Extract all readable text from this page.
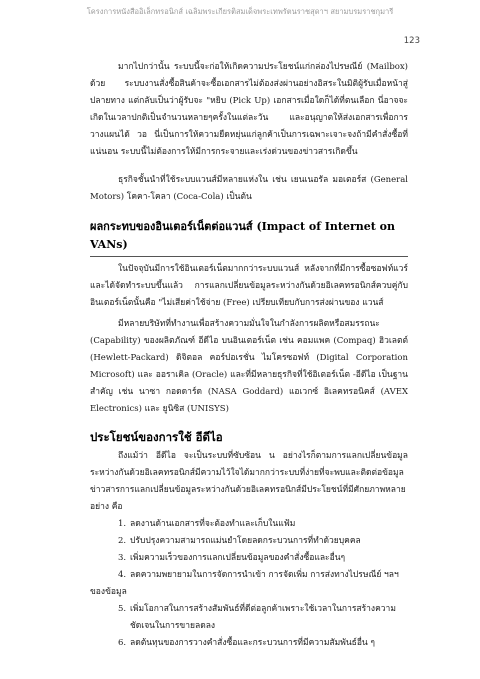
โครงการหนังสืออิเล็กทรอนิกส์ เฉลิมพระเกียรติสมเด็จพระเทพรัตนราชสุดาฯ สยามบรมราชกุมารี
123

มากไปกว่านั้น ระบบนี้จะก่อให้เกิดความประโยชน์แก่กล่องไปรษณีย์ (Mailbox) ด้วย ระบบงานสั่งซื้อสินค้าจะซื้อเอกสารไม่ต้องส่งผ่านอย่างอิสระในมิติผู้รับเมื่อหน้าสู่ปลายทาง แต่กลับเป็นว่าผู้รับจะ "หยิบ (Pick Up) เอกสารเมื่อใดก็ได้ที่ตนเลือก นี่อาจจะเกิดในเวลาปกติเป็นจำนวนหลายๆครั้งในแต่ละวัน และอนุญาตให้ส่งเอกสารเพื่อการวางแผนได้ วอ นี่เป็นการให้ความยืดหยุ่นแก่ลูกค้าเป็นการเฉพาะเจาะจงถ้ามีคำสั่งซื้อที่แน่นอน ระบบนี้ไม่ต้องการให้มีการกระจายและเร่งด่วนของข่าวสารเกิดขึ้น

ธุรกิจชั้นนำที่ใช้ระบบแวนส์มีหลายแห่งใน เช่น เยนเนอรัล มอเตอร์ส (General Motors) โคคา-โคลา (Coca-Cola) เป็นต้น

ผลกระทบของอินเตอร์เน็ตต่อแวนส์ (Impact of Internet on VANs)

ในปัจจุบันมีการใช้อินเตอร์เน็ตมากกว่าระบบแวนส์ หลังจากที่มีการซื้อซอฟท์แวร์และได้จัดทำระบบขึ้นแล้ว การแลกเปลี่ยนข้อมูลระหว่างกันด้วยอิเลคทรอนิกส์ควบคู่กับอินเตอร์เน็ตนั้นคือ "ไม่เสียค่าใช้จ่าย (Free) เปรียบเทียบกับการส่งผ่านของ แวนส์

มีหลายบริษัทที่ทำงานเพื่อสร้างความมั่นใจในกำลังการผลิตหรือสมรรถนะ (Capability) ของผลิตภัณฑ์ อีดีไอ บนอินเตอร์เน็ต เช่น คอมแพค (Compaq) ฮิวเลตต์ (Hewlett-Packard) ดิจิตอล คอร์ปอเรชั่น ไมโครซอฟท์ (Digital Corporation Microsoft) และ ออราเคิล (Oracle) และที่มีหลายธุรกิจที่ใช้อิเตอร์เน็ต -อีดีไอ เป็นฐานสำคัญ เช่น นาซา กอดดาร์ด (NASA Goddard) แอเวกซ์ อิเลคทรอนิคส์ (AVEX Electronics) และ ยูนิซิส (UNISYS)

ประโยชน์ของการใช้ อีดีไอ

ถึงแม้ว่า อีดีไอ จะเป็นระบบที่ซับซ้อน น อย่างไรก็ตามการแลกเปลี่ยนข้อมูลระหว่างกันด้วยอิเลคทรอนิกส์มีความไว้ใจได้มากกว่าระบบที่ง่ายที่จะพบและติดต่อข้อมูลข่าวสารการแลกเปลี่ยนข้อมูลระหว่างกันด้วยอิเลคทรอนิกส์มีประโยชน์ที่มีศักยภาพหลายอย่าง คือ

1. ลดงานด้านเอกสารที่จะต้องทำและเก็บในแฟ้ม
2. ปรับปรุงความสามารถแม่นยำโดยลดกระบวนการที่ทำด้วยบุคคล
3. เพิ่มความเร็วของการแลกเปลี่ยนข้อมูลของคำสั่งซื้อและอื่นๆ
4. ลดความพยายามในการจัดการนำเข้า การจัดเพิ่ม การส่งทางไปรษณีย์ ฯลฯ

ของข้อมูล

5. เพิ่มโอกาสในการสร้างสัมพันธ์ที่ดีต่อลูกค้าเพราะใช้เวลาในการสร้างความชัดเจนในการขายลดลง
6. ลดต้นทุนของการวางคำสั่งซื้อและกระบวนการที่มีความสัมพันธ์อื่น ๆ
